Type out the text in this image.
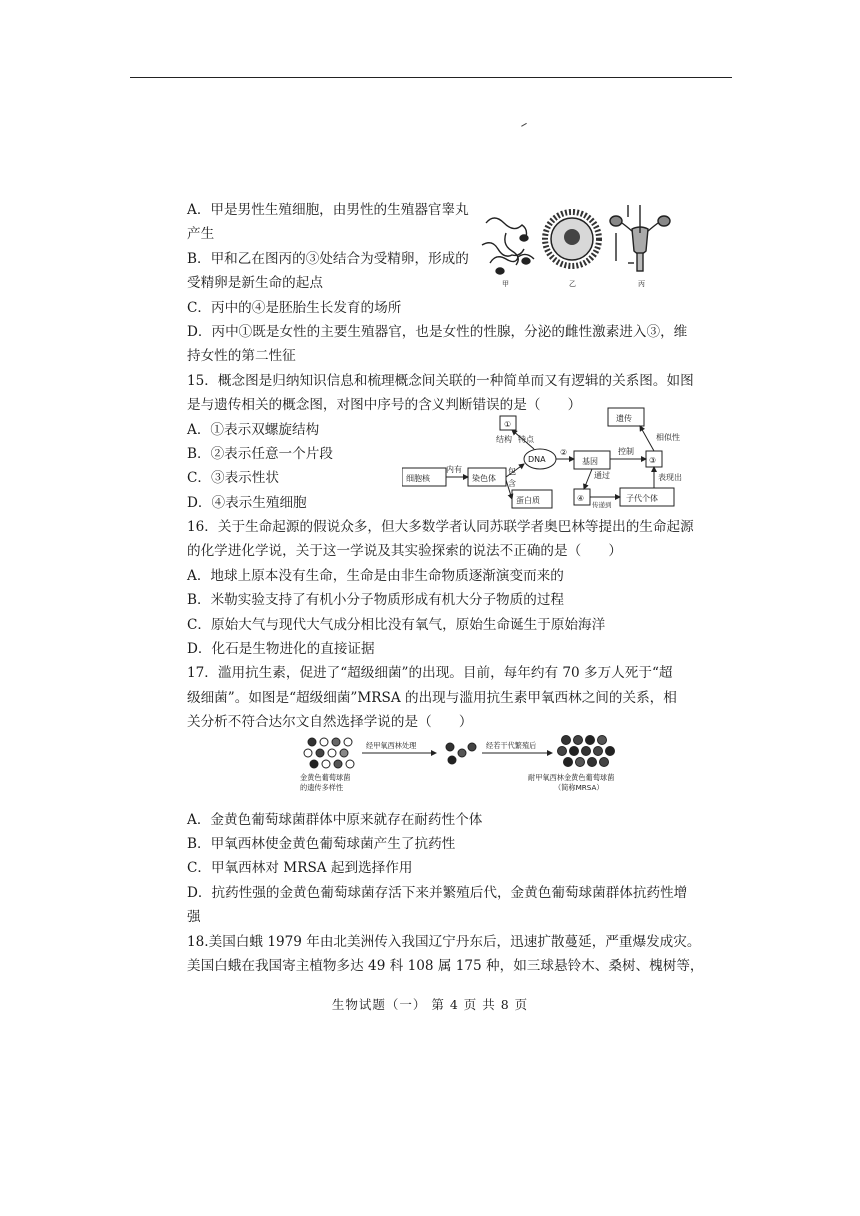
甲	乙	丙
细胞核
内有
染色体
包
含
①
结构 特点
DNA
②
基因
控制
③
遗传
相似性
蛋白质
通过
④
传递到
子代个体
表现出
经甲氧西林处理	经若干代繁殖后
金黄色葡萄球菌
的遗传多样性
耐甲氧西林金黄色葡萄球菌
（简称MRSA）
A．甲是男性生殖细胞，由男性的生殖器官睾丸
产生
B．甲和乙在图丙的③处结合为受精卵，形成的
受精卵是新生命的起点
C．丙中的④是胚胎生长发育的场所
D．丙中①既是女性的主要生殖器官，也是女性的性腺，分泌的雌性激素进入③，维
持女性的第二性征
15．概念图是归纳知识信息和梳理概念间关联的一种简单而又有逻辑的关系图。如图
是与遗传相关的概念图，对图中序号的含义判断错误的是（　　）
A．①表示双螺旋结构
B．②表示任意一个片段
C．③表示性状
D．④表示生殖细胞
16．关于生命起源的假说众多，但大多数学者认同苏联学者奥巴林等提出的生命起源
的化学进化学说，关于这一学说及其实验探索的说法不正确的是（　　）
A．地球上原本没有生命，生命是由非生命物质逐渐演变而来的
B．米勒实验支持了有机小分子物质形成有机大分子物质的过程
C．原始大气与现代大气成分相比没有氧气，原始生命诞生于原始海洋
D．化石是生物进化的直接证据
17．滥用抗生素，促进了“超级细菌”的出现。目前，每年约有 70 多万人死于“超
级细菌”。如图是“超级细菌”MRSA 的出现与滥用抗生素甲氧西林之间的关系，相
关分析不符合达尔文自然选择学说的是（　　）
A．金黄色葡萄球菌群体中原来就存在耐药性个体
B．甲氧西林使金黄色葡萄球菌产生了抗药性
C．甲氧西林对 MRSA 起到选择作用
D．抗药性强的金黄色葡萄球菌存活下来并繁殖后代，金黄色葡萄球菌群体抗药性增
强
18.美国白蛾 1979 年由北美洲传入我国辽宁丹东后，迅速扩散蔓延，严重爆发成灾。
美国白蛾在我国寄主植物多达 49 科 108 属 175 种，如三球悬铃木、桑树、槐树等，
生物试题（一） 第 4 页 共 8 页
